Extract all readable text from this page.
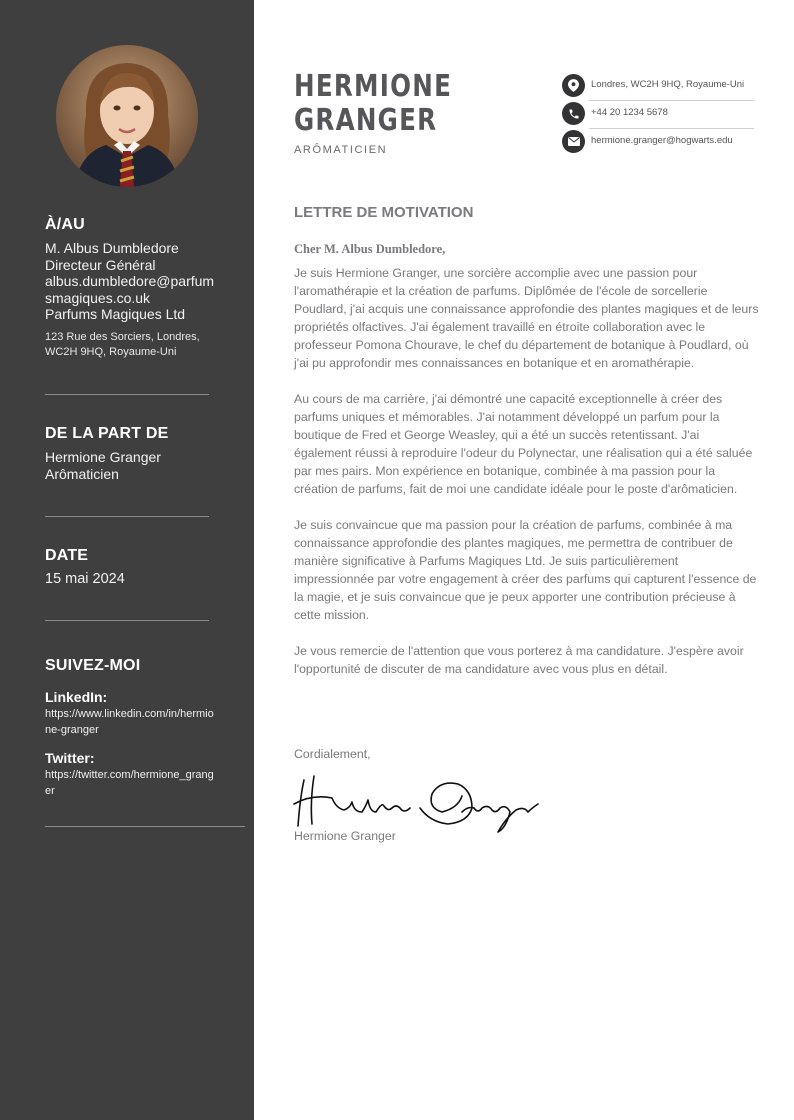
À/AU
M. Albus Dumbledore
Directeur Général
albus.dumbledore@parfumsmagiques.co.uk
Parfums Magiques Ltd
123 Rue des Sorciers, Londres, WC2H 9HQ, Royaume-Uni
DE LA PART DE
Hermione Granger
Arômaticien
DATE
15 mai 2024
SUIVEZ-MOI
LinkedIn:
https://www.linkedin.com/in/hermione-granger
Twitter:
https://twitter.com/hermione_granger
HERMIONE
GRANGER
ARÔMATICIEN
Londres, WC2H 9HQ, Royaume-Uni
+44 20 1234 5678
hermione.granger@hogwarts.edu
LETTRE DE MOTIVATION
Cher M. Albus Dumbledore,

Je suis Hermione Granger, une sorcière accomplie avec une passion pour l'aromathérapie et la création de parfums. Diplômée de l'école de sorcellerie Poudlard, j'ai acquis une connaissance approfondie des plantes magiques et de leurs propriétés olfactives. J'ai également travaillé en étroite collaboration avec le professeur Pomona Chourave, le chef du département de botanique à Poudlard, où j'ai pu approfondir mes connaissances en botanique et en aromathérapie.

Au cours de ma carrière, j'ai démontré une capacité exceptionnelle à créer des parfums uniques et mémorables. J'ai notamment développé un parfum pour la boutique de Fred et George Weasley, qui a été un succès retentissant. J'ai également réussi à reproduire l'odeur du Polynectar, une réalisation qui a été saluée par mes pairs. Mon expérience en botanique, combinée à ma passion pour la création de parfums, fait de moi une candidate idéale pour le poste d'arômaticien.

Je suis convaincue que ma passion pour la création de parfums, combinée à ma connaissance approfondie des plantes magiques, me permettra de contribuer de manière significative à Parfums Magiques Ltd. Je suis particulièrement impressionnée par votre engagement à créer des parfums qui capturent l'essence de la magie, et je suis convaincue que je peux apporter une contribution précieuse à cette mission.

Je vous remercie de l'attention que vous porterez à ma candidature. J'espère avoir l'opportunité de discuter de ma candidature avec vous plus en détail.

Cordialement,
Hermione Granger
